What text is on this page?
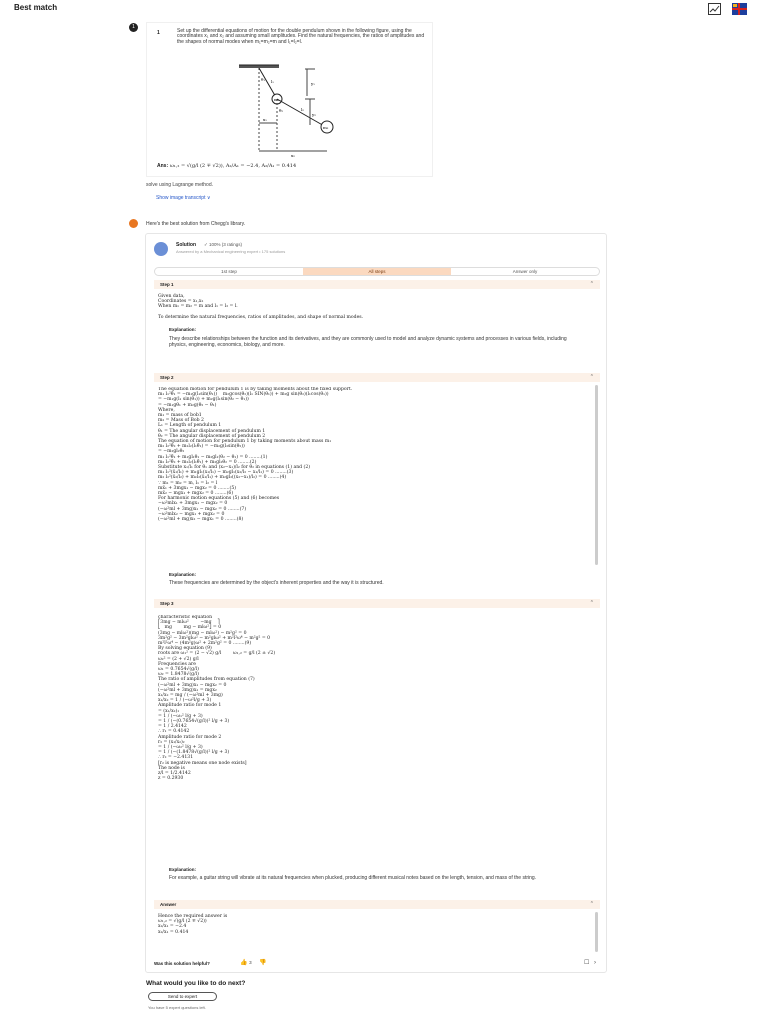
Best match
1
1	Set up the differential equations of motion for the double pendulum shown in the following figure, using the coordinates x₁ and x₂ and assuming small amplitudes. Find the natural frequencies, the ratios of amplitudes and the shapes of normal modes when m₁=m₂=m and l₁=l₂=l.
θ₁ l₁
m₁
θ₂	l₂
m₂
x₁
x₂
y₁
y₂
Ans: ω₁,₂ = √(g/l (2 ∓ √2)), A₂/A₁ = −2.4, A₂/A₁ = 0.414
solve using Lagrange method.
Show image transcript ∨
Here's the best solution from Chegg's library.
Solution ✓ 100% (3 ratings)
Answered by a Mechanical engineering expert • 175 solutions
1st step	All steps	Answer only
Step 1	⌃
Given data,
Coordinates = x₁,x₂
When m₁ = m₂ = m and l₁ = l₂ = l.

To determine the natural frequencies, ratios of amplitudes, and shape of normal modes.
Explanation:
They describe relationships between the function and its derivatives, and they are commonly used to model and analyze dynamic systems and processes in various fields, including physics, engineering, economics, biology, and more.
Step 2	⌃
The equation motion for pendulum 1 is by taking moments about the fixed support.
m₁ l₁²θ̈₁ = −m₁g(l₁sin(θ₁))    m₂gcos(θ₂)(l₁ SIN(θ₁)) + m₂g sin(θ₂)(l₁cos(θ₁))
= −m₁g(l₁ sin(θ₁)) + m₂g(l₁sin(θ₂ − θ₁))
= −m₁gθ₁ + m₂g(θ₂ − θ₁)
Where,
m₁ = mass of bob1
m₂ = Mass of Bob 2
L₁ = Length of pendulum 1
θ₁ = The angular displacement of pendulum 1
θ₂ = The angular displacement of pendulum 2
The equation of motion for pendulum 1 by taking moments about mass m₁
m₂ l₂²θ̈₂ + m₂l₂(l₁θ̈₁) = −m₂g(l₂sin(θ₂))
= −m₂gl₂θ₂
m₁ l₁²θ̈₁ + m₁gl₁θ₁ − m₂gl₁(θ₂ − θ₁) = 0 ........(1)
m₂ l₂²θ̈₂ + m₂l₂(l₁θ̈₁) + m₂gl₂θ₂ = 0 ........(2)
Substitute x₁/l₁ for θ₁ and (x₂−x₁)/l₂ for θ₂ in equations (1) and (2)
m₁ l₁²(ẍ₁/l₁) + m₁gl₁(x₁/l₁) − m₂gl₁(x₂/l₂ − x₁/l₁) = 0 ........(3)
m₂ l₂²(ẍ₂/l₂) + m₂l₂(ẍ₁/l₁) + m₂gl₂((x₂−x₁)/l₂) = 0 ........(4)
∵ m₁ = m₂ = m, l₁ = l₂ = l
mẍ₁ + 3mgx₁ − mgx₂ = 0 ........(5)
mẍ₂ − mgx₁ + mgx₂ = 0 ........(6)
For harmonic motion equations (5) and (6) becomes
−ω²mlx₁ + 3mgx₁ − mgx₂ = 0
(−ω²ml + 3mg)x₁ − mgx₂ = 0 ........(7)
−ω²mlx₂ − mgx₁ + mgx₂ = 0
(−ω²ml + mg)x₂ − mgx₁ = 0 ........(8)
Explanation:
These frequencies are determined by the object's inherent properties and the way it is structured.
Step 3	⌃
characteristic equation
⎡3mg − mlω²        −mg    ⎤
⎣   mg        mg − mlω²⎦ = 0
(3mg − mlω²)(mg − mlω²) − m²g² = 0
3m²g² − 3m²glω² − m²glω² + m²l²ω⁴ − m²g² = 0
m²l²ω⁴ − (4m²g)ω² + 2m²g² = 0 ........(9)
By solving equation (9)
roots are ω₁² = (2 − √2) g/l        ω₁,₂ = g/l (2 ± √2)
ω₂² = (2 + √2) g/l
Frequencies are
ω₁ = 0.7654√(g/l)
ω₂ = 1.8478√(g/l)
The ratio of amplitudes from equation (7)
(−ω²ml + 3mg)x₁ − mgx₂ = 0
(−ω²ml + 3mg)x₁ = mgx₂
x₁/x₂ = mg / (−ω²ml + 3mg)
x₁/x₂ = 1 / (−ω²l/g + 3)
Amplitude ratio for mode 1
= (x₁/x₂)₁
= 1 / (−ω₁² l/g + 3)
= 1 / (−(0.7654√(g/l))² l/g + 3)
= 1 / 2.4142
∴ r₁ = 0.4142
Amplitude ratio for mode 2
r₂ = (x₁/x₂)₂
= 1 / (−ω₂² l/g + 3)
= 1 / (−(1.8478√(g/l))² l/g + 3)
∴ r₂ = −2.4131
[r₂ is negative means one node exists]
The node is
z/l = 1/2.4142
z = 0.2930
Explanation:
For example, a guitar string will vibrate at its natural frequencies when plucked, producing different musical notes based on the length, tension, and mass of the string.
Answer	⌃
Hence the required answer is
ω₁,₂ = √(g/l (2 ∓ √2))
x₂/x₁ = −2.4
x₂/x₁ = 0.414
Was this solution helpful?	👍 3 👎	☐ ›
What would you like to do next?
Send to expert
You have 5 expert questions left.
